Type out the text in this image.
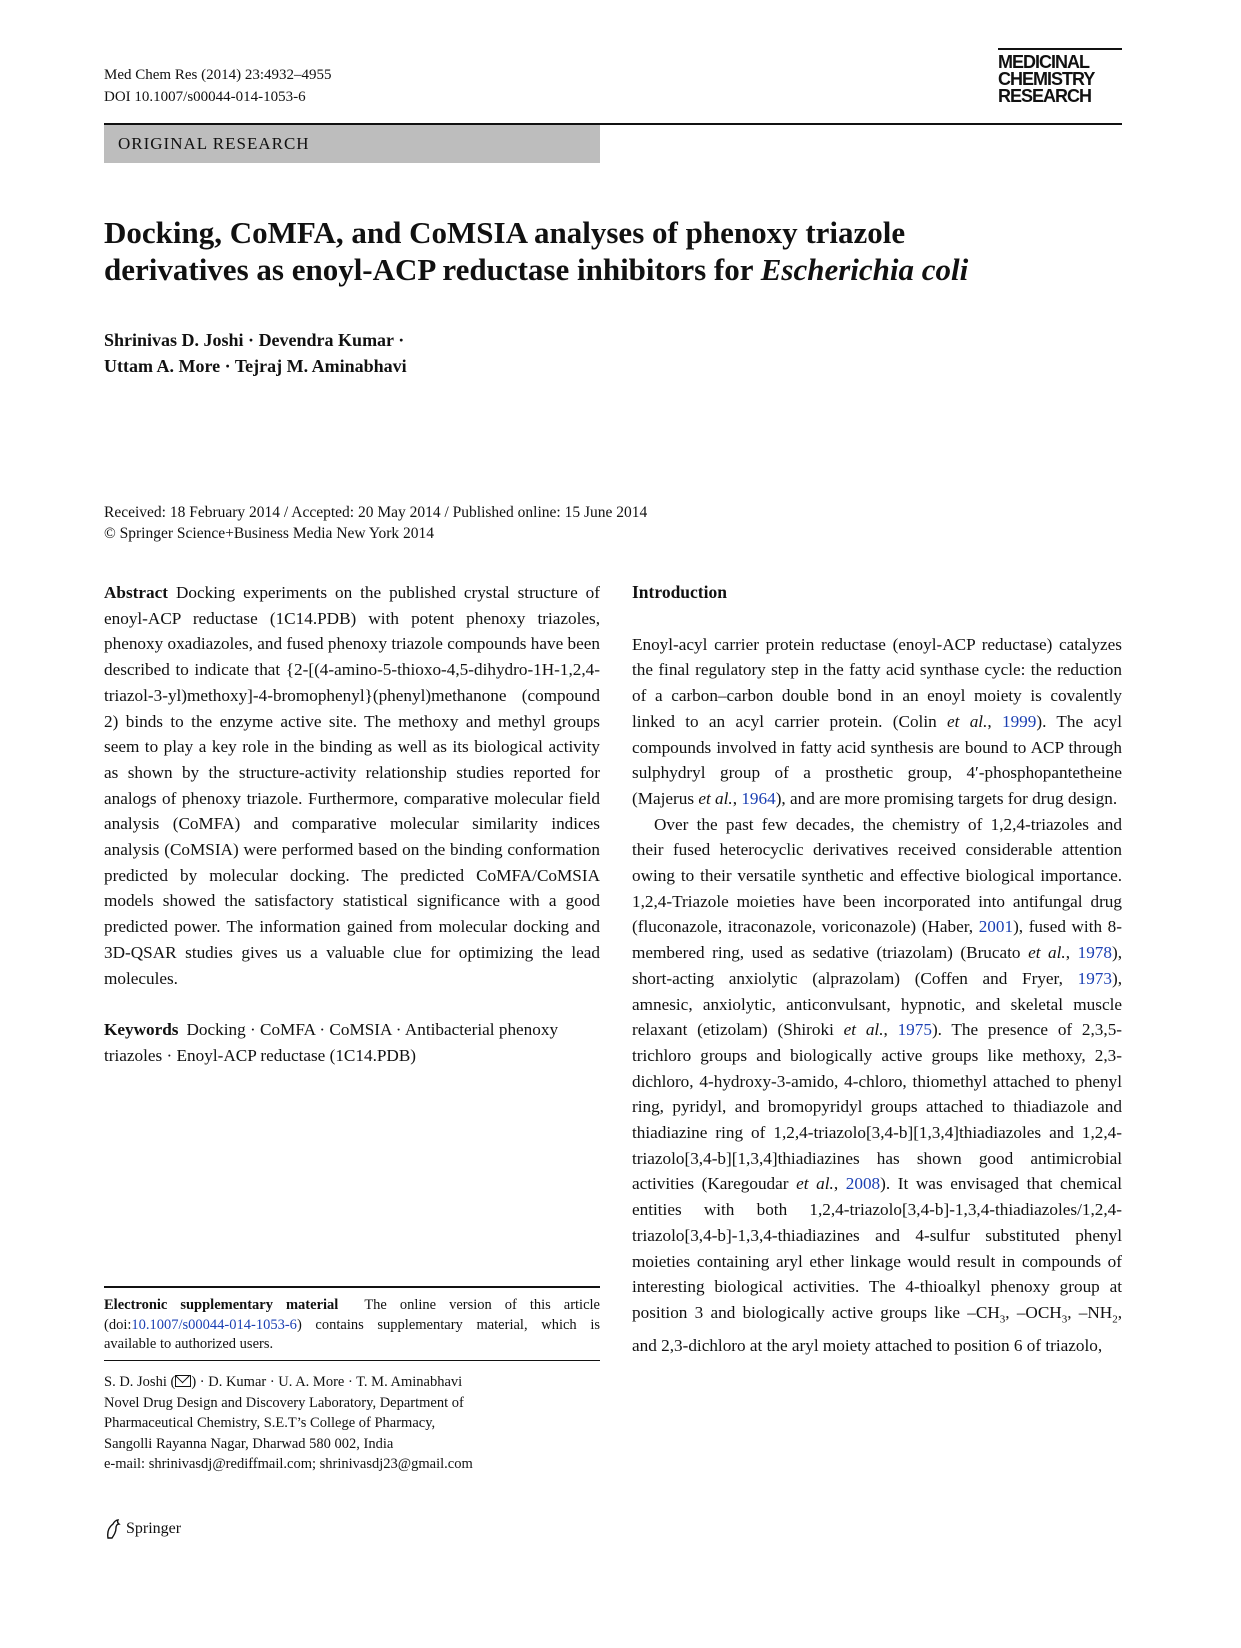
Med Chem Res (2014) 23:4932–4955
DOI 10.1007/s00044-014-1053-6
MEDICINAL
CHEMISTRY
RESEARCH
ORIGINAL RESEARCH
Docking, CoMFA, and CoMSIA analyses of phenoxy triazole
derivatives as enoyl-ACP reductase inhibitors for Escherichia coli
Shrinivas D. Joshi · Devendra Kumar ·
Uttam A. More · Tejraj M. Aminabhavi
Received: 18 February 2014 / Accepted: 20 May 2014 / Published online: 15 June 2014
© Springer Science+Business Media New York 2014

Abstract Docking experiments on the published crystal structure of enoyl-ACP reductase (1C14.PDB) with potent phenoxy triazoles, phenoxy oxadiazoles, and fused phenoxy triazole compounds have been described to indicate that {2-[(4-amino-5-thioxo-4,5-dihydro-1H-1,2,4-triazol-3-yl)methoxy]-4-bromophenyl}(phenyl)methanone (compound 2) binds to the enzyme active site. The methoxy and methyl groups seem to play a key role in the binding as well as its biological activity as shown by the structure-activity relationship studies reported for analogs of phenoxy triazole. Furthermore, comparative molecular field analysis (CoMFA) and comparative molecular similarity indices analysis (CoMSIA) were performed based on the binding conformation predicted by molecular docking. The predicted CoMFA/CoMSIA models showed the satisfactory statistical significance with a good predicted power. The information gained from molecular docking and 3D-QSAR studies gives us a valuable clue for optimizing the lead molecules.

Keywords Docking · CoMFA · CoMSIA · Antibacterial phenoxy triazoles · Enoyl-ACP reductase (1C14.PDB)

Electronic supplementary material The online version of this article (doi:10.1007/s00044-014-1053-6) contains supplementary material, which is available to authorized users.
S. D. Joshi ( ) · D. Kumar · U. A. More · T. M. Aminabhavi
Novel Drug Design and Discovery Laboratory, Department of
Pharmaceutical Chemistry, S.E.T’s College of Pharmacy,
Sangolli Rayanna Nagar, Dharwad 580 002, India
e-mail: shrinivasdj@rediffmail.com; shrinivasdj23@gmail.com
Introduction

Enoyl-acyl carrier protein reductase (enoyl-ACP reductase) catalyzes the final regulatory step in the fatty acid synthase cycle: the reduction of a carbon–carbon double bond in an enoyl moiety is covalently linked to an acyl carrier protein. (Colin et al., 1999). The acyl compounds involved in fatty acid synthesis are bound to ACP through sulphydryl group of a prosthetic group, 4′-phosphopantetheine (Majerus et al., 1964), and are more promising targets for drug design.

Over the past few decades, the chemistry of 1,2,4-triazoles and their fused heterocyclic derivatives received considerable attention owing to their versatile synthetic and effective biological importance. 1,2,4-Triazole moieties have been incorporated into antifungal drug (fluconazole, itraconazole, voriconazole) (Haber, 2001), fused with 8-membered ring, used as sedative (triazolam) (Brucato et al., 1978), short-acting anxiolytic (alprazolam) (Coffen and Fryer, 1973), amnesic, anxiolytic, anticonvulsant, hypnotic, and skeletal muscle relaxant (etizolam) (Shiroki et al., 1975). The presence of 2,3,5-trichloro groups and biologically active groups like methoxy, 2,3-dichloro, 4-hydroxy-3-amido, 4-chloro, thiomethyl attached to phenyl ring, pyridyl, and bromopyridyl groups attached to thiadiazole and thiadiazine ring of 1,2,4-triazolo[3,4-b][1,3,4]thiadiazoles and 1,2,4-triazolo[3,4-b][1,3,4]thiadiazines has shown good antimicrobial activities (Karegoudar et al., 2008). It was envisaged that chemical entities with both 1,2,4-triazolo[3,4-b]-1,3,4-thiadiazoles/1,2,4-triazolo[3,4-b]-1,3,4-thiadiazines and 4-sulfur substituted phenyl moieties containing aryl ether linkage would result in compounds of interesting biological activities. The 4-thioalkyl phenoxy group at position 3 and biologically active groups like $-CH_3$, $-OCH_3$, $-NH_2$, and 2,3-dichloro at the aryl moiety attached to position 6 of triazolo,

Springer
